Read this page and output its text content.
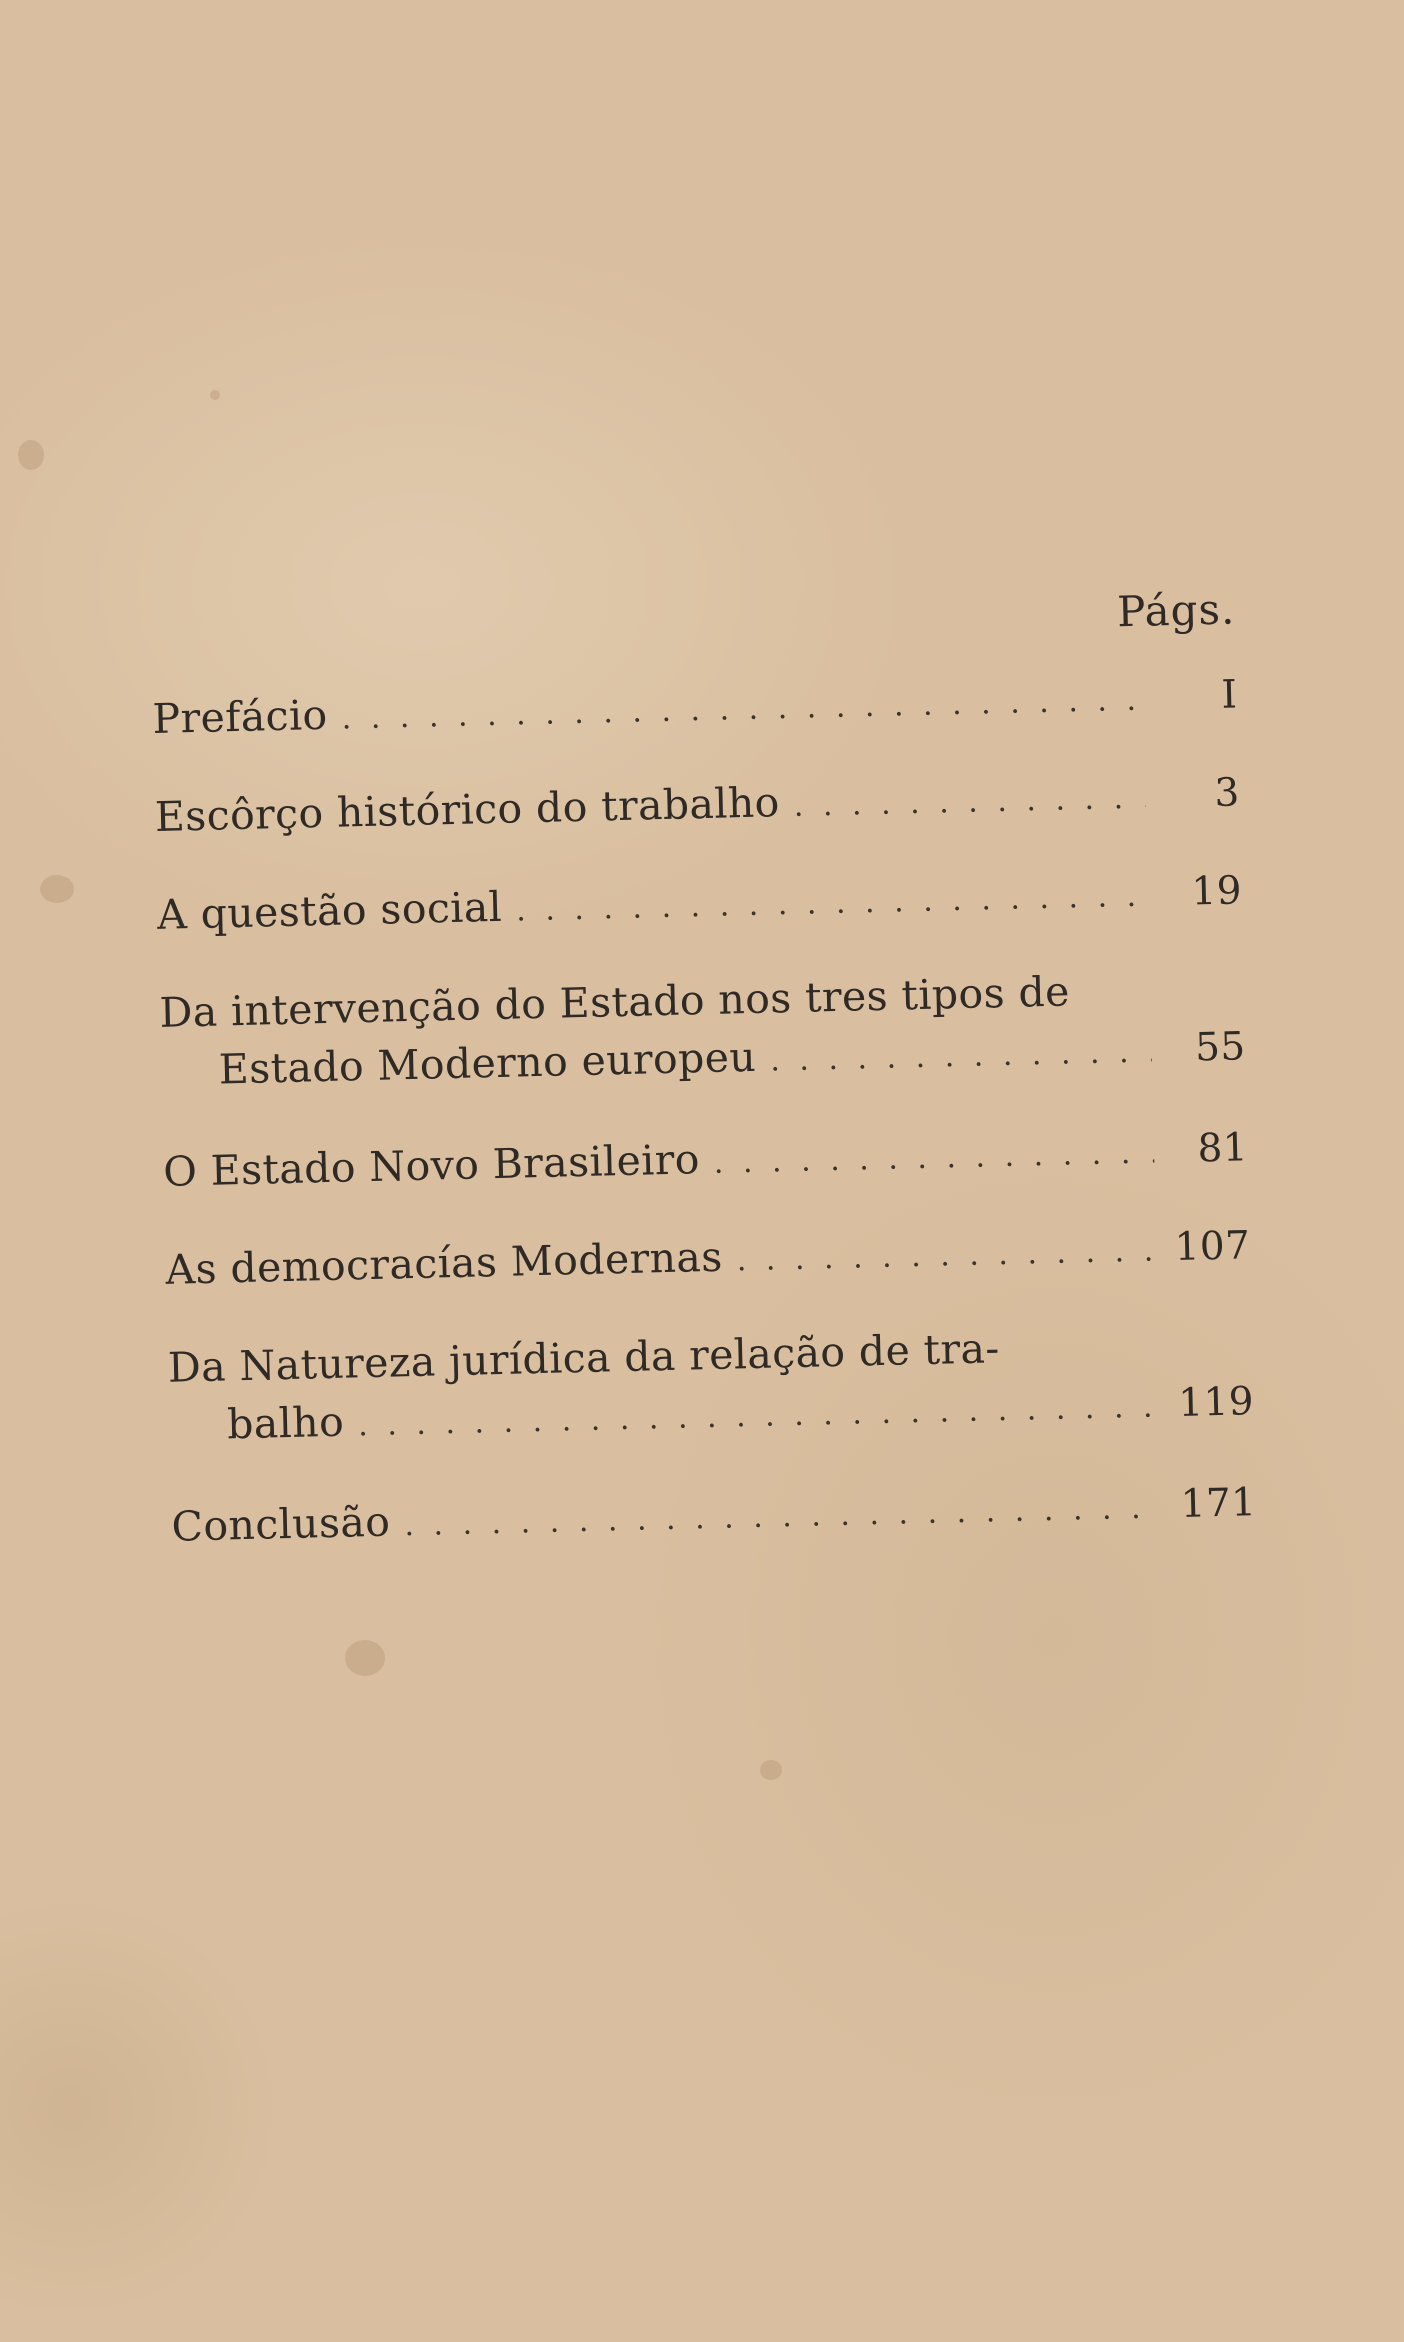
Págs.
Prefácio . . .	I
Escôrço histórico do trabalho . . .	3
A questão social . . .	19
Da intervenção do Estado nos tres tipos de
Estado Moderno europeu . . .	55
O Estado Novo Brasileiro . . .	81
As democracías Modernas . . .	107
Da Natureza jurídica da relação de tra-
balho . . .	119
Conclusão . . .	171
